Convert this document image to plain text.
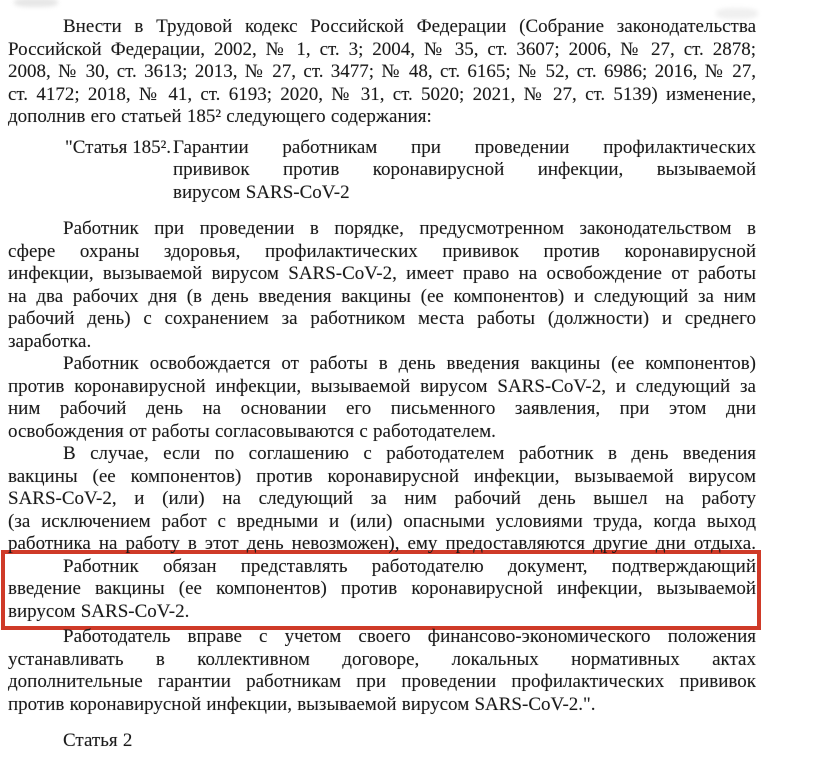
Внести в Трудовой кодекс Российской Федерации (Собрание законодательства
Российской Федерации, 2002, № 1, ст. 3; 2004, № 35, ст. 3607; 2006, № 27, ст. 2878;
2008, № 30, ст. 3613; 2013, № 27, ст. 3477; № 48, ст. 6165; № 52, ст. 6986; 2016, № 27,
ст. 4172; 2018, № 41, ст. 6193; 2020, № 31, ст. 5020; 2021, № 27, ст. 5139) изменение,
дополнив его статьей 185² следующего содержания:
"Статья 185². Гарантии работникам при проведении профилактических
прививок против коронавирусной инфекции, вызываемой
вирусом SARS-CoV-2
Работник при проведении в порядке, предусмотренном законодательством в
сфере охраны здоровья, профилактических прививок против коронавирусной
инфекции, вызываемой вирусом SARS-CoV-2, имеет право на освобождение от работы
на два рабочих дня (в день введения вакцины (ее компонентов) и следующий за ним
рабочий день) с сохранением за работником места работы (должности) и среднего
заработка.
Работник освобождается от работы в день введения вакцины (ее компонентов)
против коронавирусной инфекции, вызываемой вирусом SARS-CoV-2, и следующий за
ним рабочий день на основании его письменного заявления, при этом дни
освобождения от работы согласовываются с работодателем.
В случае, если по соглашению с работодателем работник в день введения
вакцины (ее компонентов) против коронавирусной инфекции, вызываемой вирусом
SARS-CoV-2, и (или) на следующий за ним рабочий день вышел на работу
(за исключением работ с вредными и (или) опасными условиями труда, когда выход
работника на работу в этот день невозможен), ему предоставляются другие дни отдыха.
Работник обязан представлять работодателю документ, подтверждающий
введение вакцины (ее компонентов) против коронавирусной инфекции, вызываемой
вирусом SARS-CoV-2.
Работодатель вправе с учетом своего финансово-экономического положения
устанавливать в коллективном договоре, локальных нормативных актах
дополнительные гарантии работникам при проведении профилактических прививок
против коронавирусной инфекции, вызываемой вирусом SARS-CoV-2.".
Статья 2
